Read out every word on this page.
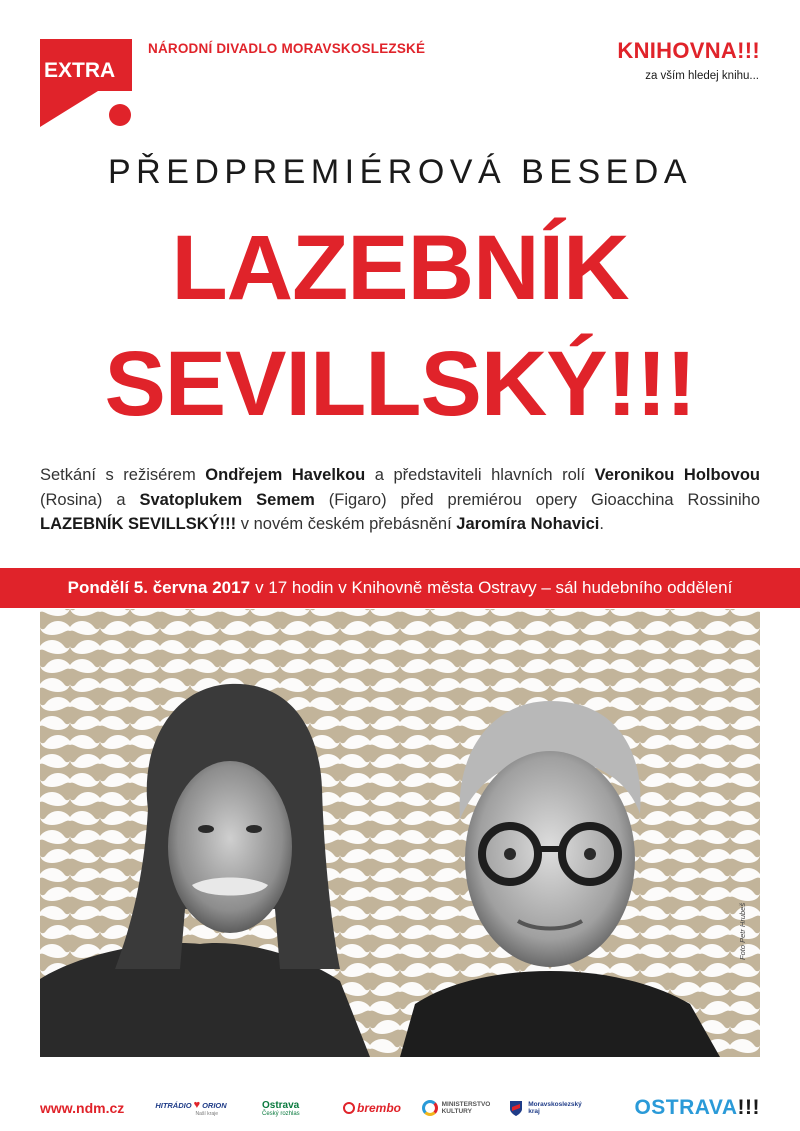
EXTRA
NÁRODNÍ DIVADLO MORAVSKOSLEZSKÉ	KNIHOVNA!!!
za vším hledej knihu...
PŘEDPREMIÉROVÁ BESEDA
LAZEBNÍK
SEVILLSKÝ!!!
Setkání s režisérem Ondřejem Havelkou a představiteli hlavních rolí Veronikou Holbovou (Rosina) a Svatoplukem Semem (Figaro) před premiérou opery Gioacchina Rossiniho LAZEBNÍK SEVILLSKÝ!!! v novém českém přebásnění Jaromíra Nohavici.
Pondělí 5. června 2017 v 17 hodin v Knihovně města Ostravy – sál hudebního oddělení
Foto Petr Hrubeš
www.ndm.cz	HITRÁDIO ♥ ORION
Naší kraje
Ostrava
Český rozhlas	brembo	MINISTERSTVO
KULTURY
Moravskoslezský
kraj	OSTRAVA !!!
